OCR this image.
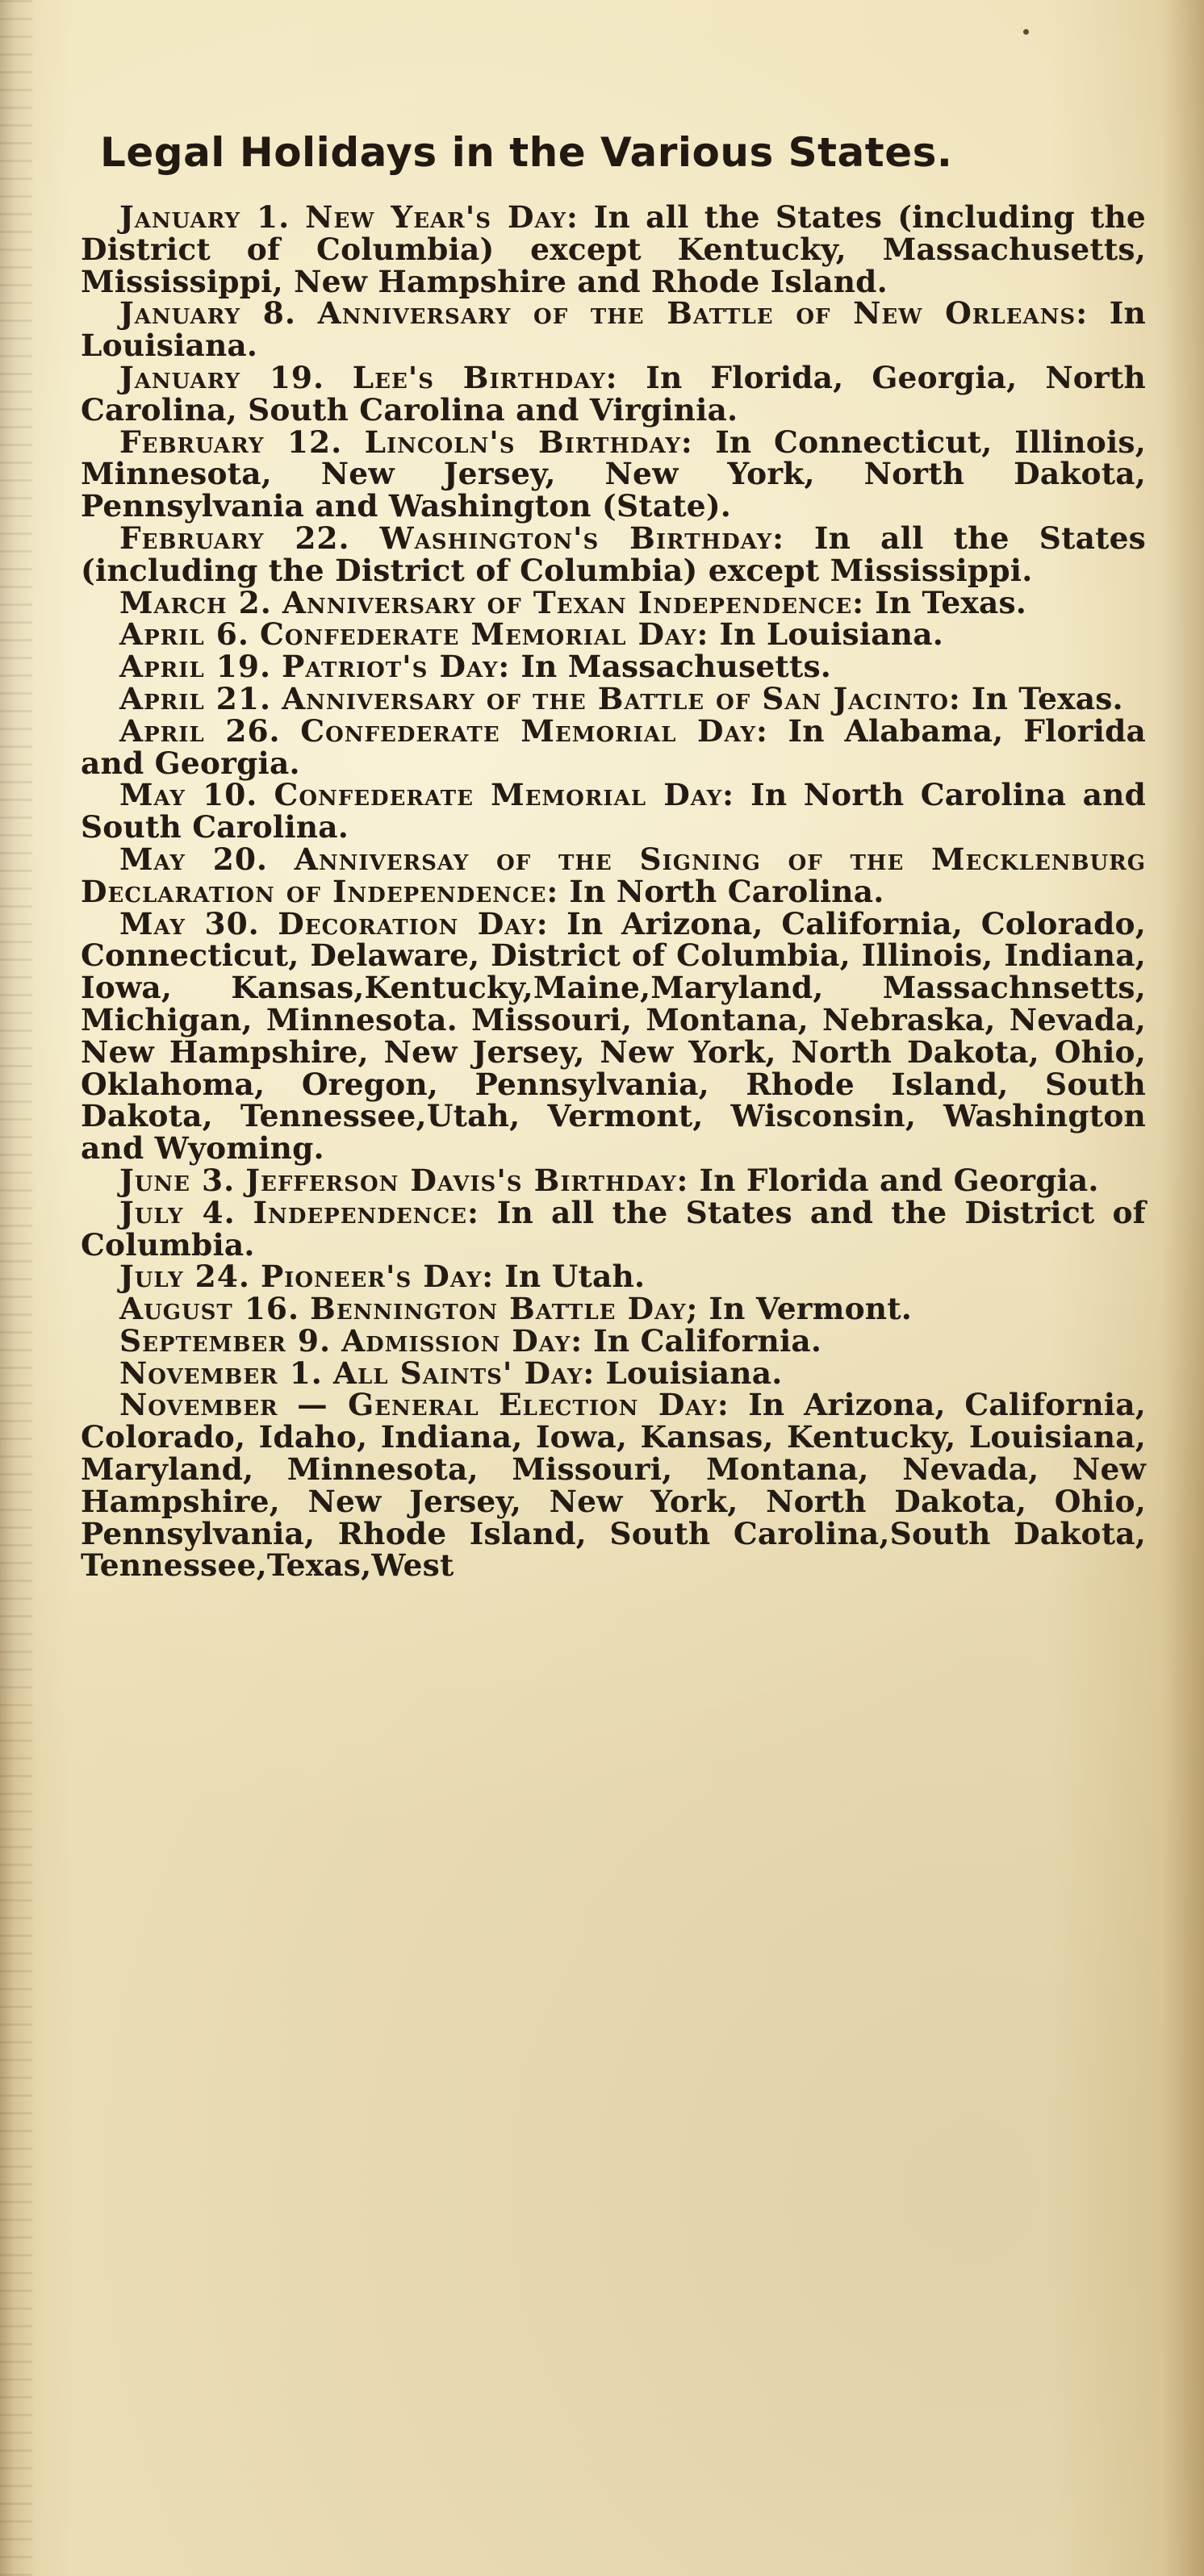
Legal Holidays in the Various States.

January 1. New Year's Day: In all the States (including the District of Columbia) except Kentucky, Massachusetts, Mississippi, New Hampshire and Rhode Island.

January 8. Anniversary of the Battle of New Orleans: In Louisiana.

January 19. Lee's Birthday: In Florida, Georgia, North Carolina, South Carolina and Virginia.

February 12. Lincoln's Birthday: In Connecticut, Illinois, Minnesota, New Jersey, New York, North Dakota, Pennsylvania and Washington (State).

February 22. Washington's Birthday: In all the States (including the District of Columbia) except Mississippi.

March 2. Anniversary of Texan Independence: In Texas.

April 6. Confederate Memorial Day: In Louisiana.

April 19. Patriot's Day: In Massachusetts.

April 21. Anniversary of the Battle of San Jacinto: In Texas.

April 26. Confederate Memorial Day: In Alabama, Florida and Georgia.

May 10. Confederate Memorial Day: In North Carolina and South Carolina.

May 20. Anniversay of the Signing of the Mecklenburg Declaration of Independence: In North Carolina.

May 30. Decoration Day: In Arizona, California, Colorado, Connecticut, Delaware, District of Columbia, Illinois, Indiana, Iowa, Kansas,Kentucky,Maine,Maryland, Massachnsetts, Michigan, Minnesota. Missouri, Montana, Nebraska, Nevada, New Hampshire, New Jersey, New York, North Dakota, Ohio, Oklahoma, Oregon, Pennsylvania, Rhode Island, South Dakota, Tennessee,Utah, Vermont, Wisconsin, Washington and Wyoming.

June 3. Jefferson Davis's Birthday: In Florida and Georgia.

July 4. Independence: In all the States and the District of Columbia.

July 24. Pioneer's Day: In Utah.

August 16. Bennington Battle Day; In Vermont.

September 9. Admission Day: In California.

November 1. All Saints' Day: Louisiana.

November — General Election Day: In Arizona, California, Colorado, Idaho, Indiana, Iowa, Kansas, Kentucky, Louisiana, Maryland, Minnesota, Missouri, Montana, Nevada, New Hampshire, New Jersey, New York, North Dakota, Ohio, Pennsylvania, Rhode Island, South Carolina,South Dakota, Tennessee,Texas,West
